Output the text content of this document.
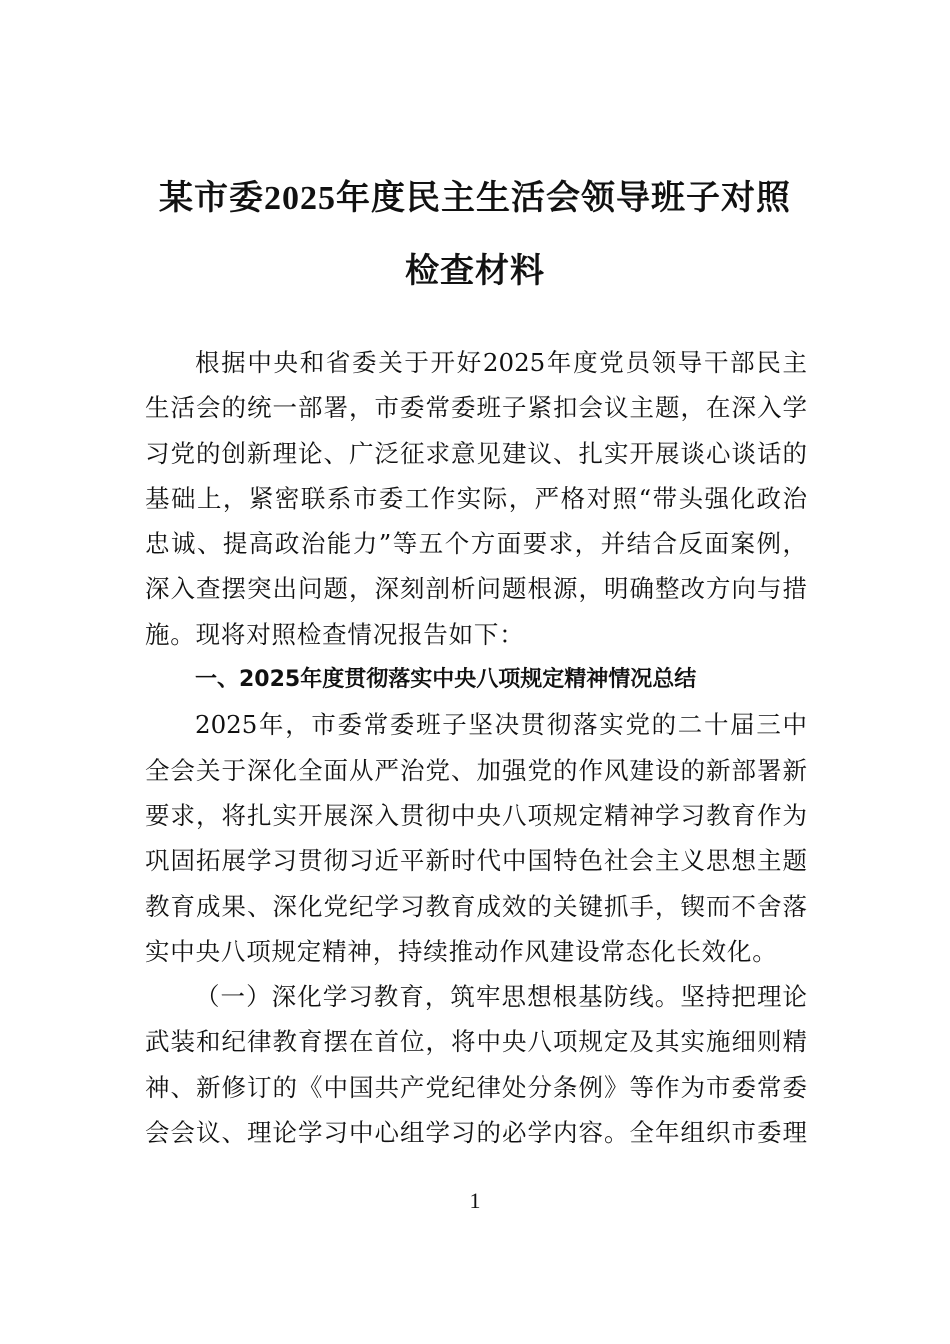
某市委2025年度民主生活会领导班子对照
检查材料
根据中央和省委关于开好2025年度党员领导干部民主
生活会的统一部署，市委常委班子紧扣会议主题，在深入学
习党的创新理论、广泛征求意见建议、扎实开展谈心谈话的
基础上，紧密联系市委工作实际，严格对照“带头强化政治
忠诚、提高政治能力”等五个方面要求，并结合反面案例，
深入查摆突出问题，深刻剖析问题根源，明确整改方向与措
施。现将对照检查情况报告如下：
一、2025年度贯彻落实中央八项规定精神情况总结
2025年，市委常委班子坚决贯彻落实党的二十届三中
全会关于深化全面从严治党、加强党的作风建设的新部署新
要求，将扎实开展深入贯彻中央八项规定精神学习教育作为
巩固拓展学习贯彻习近平新时代中国特色社会主义思想主题
教育成果、深化党纪学习教育成效的关键抓手，锲而不舍落
实中央八项规定精神，持续推动作风建设常态化长效化。
（一）深化学习教育，筑牢思想根基防线。坚持把理论
武装和纪律教育摆在首位，将中央八项规定及其实施细则精
神、新修订的《中国共产党纪律处分条例》等作为市委常委
会会议、理论学习中心组学习的必学内容。全年组织市委理
1
